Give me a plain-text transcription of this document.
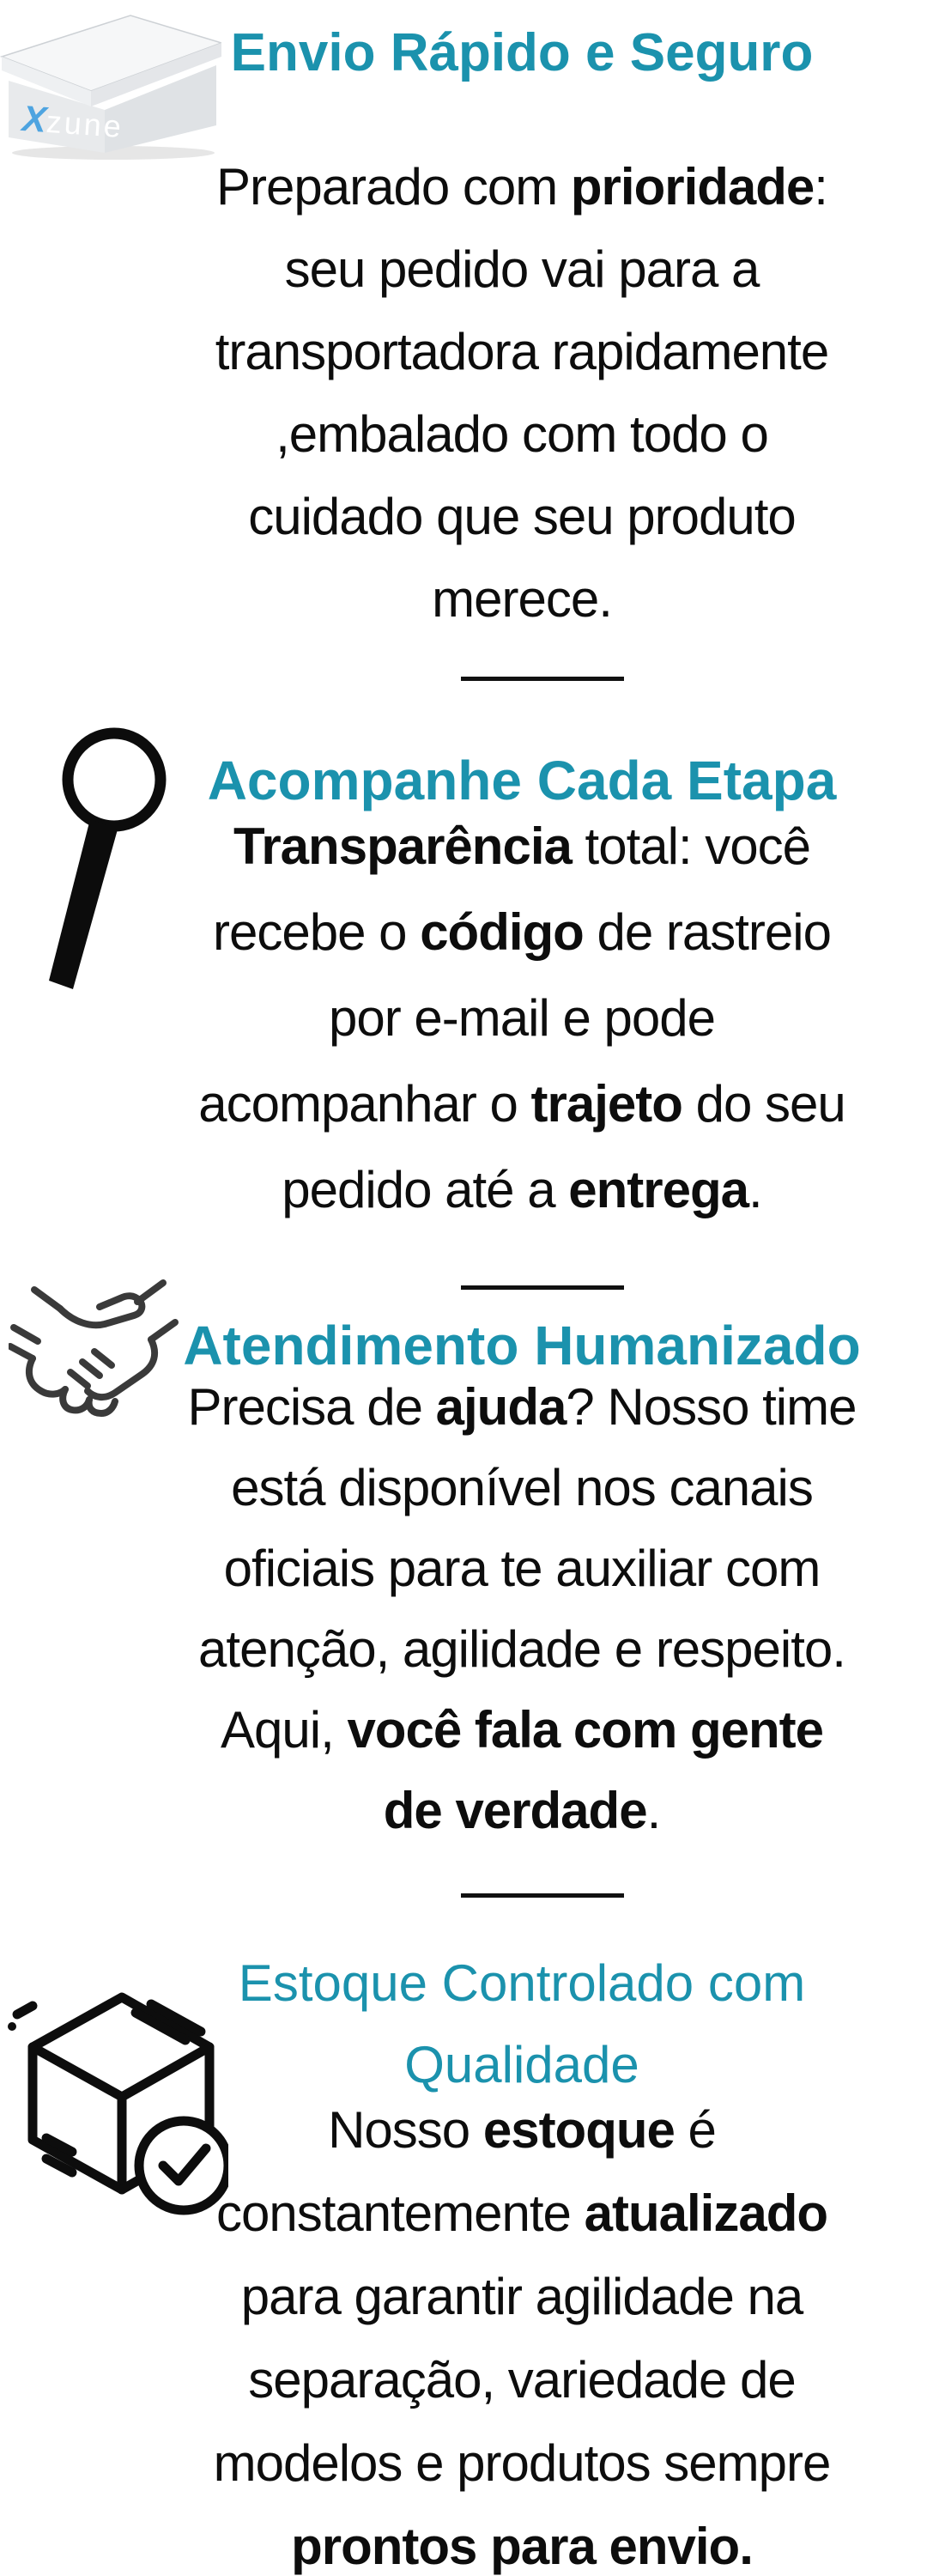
Xzune
Envio Rápido e Seguro
Preparado com prioridade:
seu pedido vai para a
transportadora rapidamente
,embalado com todo o
cuidado que seu produto
merece.
Acompanhe Cada Etapa
Transparência total: você
recebe o código de rastreio
por e-mail e pode
acompanhar o trajeto do seu
pedido até a entrega.
Atendimento Humanizado
Precisa de ajuda? Nosso time
está disponível nos canais
oficiais para te auxiliar com
atenção, agilidade e respeito.
Aqui, você fala com gente
de verdade.
Estoque Controlado com
Qualidade
Nosso estoque é
constantemente atualizado
para garantir agilidade na
separação, variedade de
modelos e produtos sempre
prontos para envio.
